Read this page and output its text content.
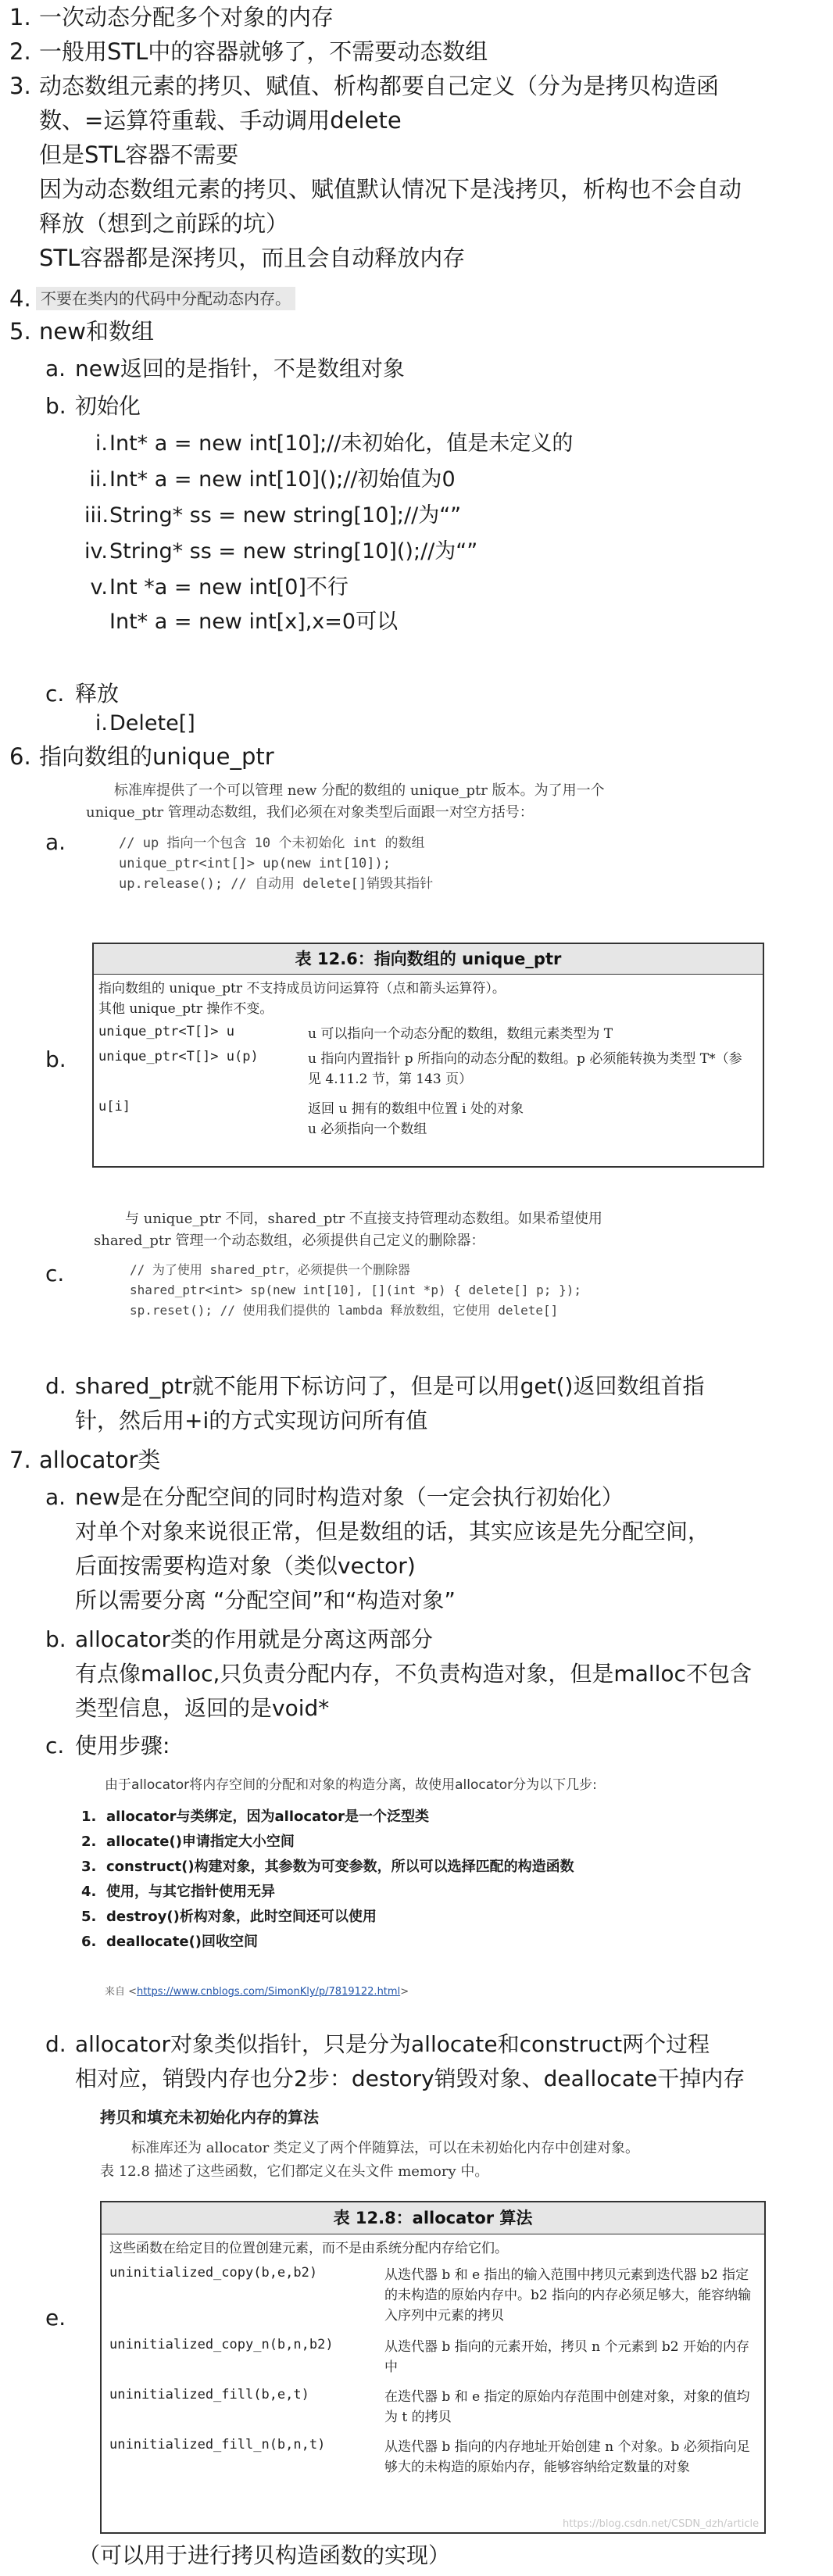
1. 一次动态分配多个对象的内存
2. 一般用STL中的容器就够了，不需要动态数组
3. 动态数组元素的拷贝、赋值、析构都要自己定义（分为是拷贝构造函
数、=运算符重载、手动调用delete
但是STL容器不需要
因为动态数组元素的拷贝、赋值默认情况下是浅拷贝，析构也不会自动
释放（想到之前踩的坑）
STL容器都是深拷贝，而且会自动释放内存
4. 不要在类内的代码中分配动态内存。
5. new和数组
a. new返回的是指针，不是数组对象
b. 初始化
i. Int* a = new int[10];//未初始化，值是未定义的
ii. Int* a = new int[10]();//初始值为0
iii. String* ss = new string[10];//为“”
iv. String* ss = new string[10]();//为“”
v. Int *a = new int[0]不行
Int* a = new int[x],x=0可以
c. 释放
i. Delete[]
6. 指向数组的unique_ptr
a.
标准库提供了一个可以管理 new 分配的数组的 unique_ptr 版本。为了用一个
unique_ptr 管理动态数组，我们必须在对象类型后面跟一对空方括号：
// up 指向一个包含 10 个未初始化 int 的数组
unique_ptr<int[]> up(new int[10]);
up.release(); // 自动用 delete[]销毁其指针
b.
表 12.6：指向数组的 unique_ptr
指向数组的 unique_ptr 不支持成员访问运算符（点和箭头运算符）。
其他 unique_ptr 操作不变。
unique_ptr<T[]> u	u 可以指向一个动态分配的数组，数组元素类型为 T
unique_ptr<T[]> u(p)	u 指向内置指针 p 所指向的动态分配的数组。p 必须能转换为类型 T*（参见 4.11.2 节，第 143 页）
u[i]	返回 u 拥有的数组中位置 i 处的对象
u 必须指向一个数组
c.
与 unique_ptr 不同，shared_ptr 不直接支持管理动态数组。如果希望使用
shared_ptr 管理一个动态数组，必须提供自己定义的删除器：
// 为了使用 shared_ptr，必须提供一个删除器
shared_ptr<int> sp(new int[10], [](int *p) { delete[] p; });
sp.reset(); // 使用我们提供的 lambda 释放数组，它使用 delete[]
d. shared_ptr就不能用下标访问了，但是可以用get()返回数组首指
针，然后用+i的方式实现访问所有值
7. allocator类
a. new是在分配空间的同时构造对象（一定会执行初始化）
对单个对象来说很正常，但是数组的话，其实应该是先分配空间，
后面按需要构造对象（类似vector)
所以需要分离 “分配空间”和“构造对象”
b. allocator类的作用就是分离这两部分
有点像malloc,只负责分配内存，不负责构造对象，但是malloc不包含
类型信息，返回的是void*
c. 使用步骤:
由于allocator将内存空间的分配和对象的构造分离，故使用allocator分为以下几步:
1. allocator与类绑定，因为allocator是一个泛型类
2. allocate()申请指定大小空间
3. construct()构建对象，其参数为可变参数，所以可以选择匹配的构造函数
4. 使用，与其它指针使用无异
5. destroy()析构对象，此时空间还可以使用
6. deallocate()回收空间
来自 <https://www.cnblogs.com/SimonKly/p/7819122.html>
d. allocator对象类似指针，只是分为allocate和construct两个过程
相对应，销毁内存也分2步：destory销毁对象、deallocate干掉内存
拷贝和填充未初始化内存的算法
标准库还为 allocator 类定义了两个伴随算法，可以在未初始化内存中创建对象。
表 12.8 描述了这些函数，它们都定义在头文件 memory 中。
e.
表 12.8：allocator 算法
这些函数在给定目的位置创建元素，而不是由系统分配内存给它们。
uninitialized_copy(b,e,b2)	从迭代器 b 和 e 指出的输入范围中拷贝元素到迭代器 b2 指定的未构造的原始内存中。b2 指向的内存必须足够大，能容纳输入序列中元素的拷贝
uninitialized_copy_n(b,n,b2)	从迭代器 b 指向的元素开始，拷贝 n 个元素到 b2 开始的内存中
uninitialized_fill(b,e,t)	在迭代器 b 和 e 指定的原始内存范围中创建对象，对象的值均为 t 的拷贝
uninitialized_fill_n(b,n,t)	从迭代器 b 指向的内存地址开始创建 n 个对象。b 必须指向足够大的未构造的原始内存，能够容纳给定数量的对象
https://blog.csdn.net/CSDN_dzh/article
（可以用于进行拷贝构造函数的实现）
